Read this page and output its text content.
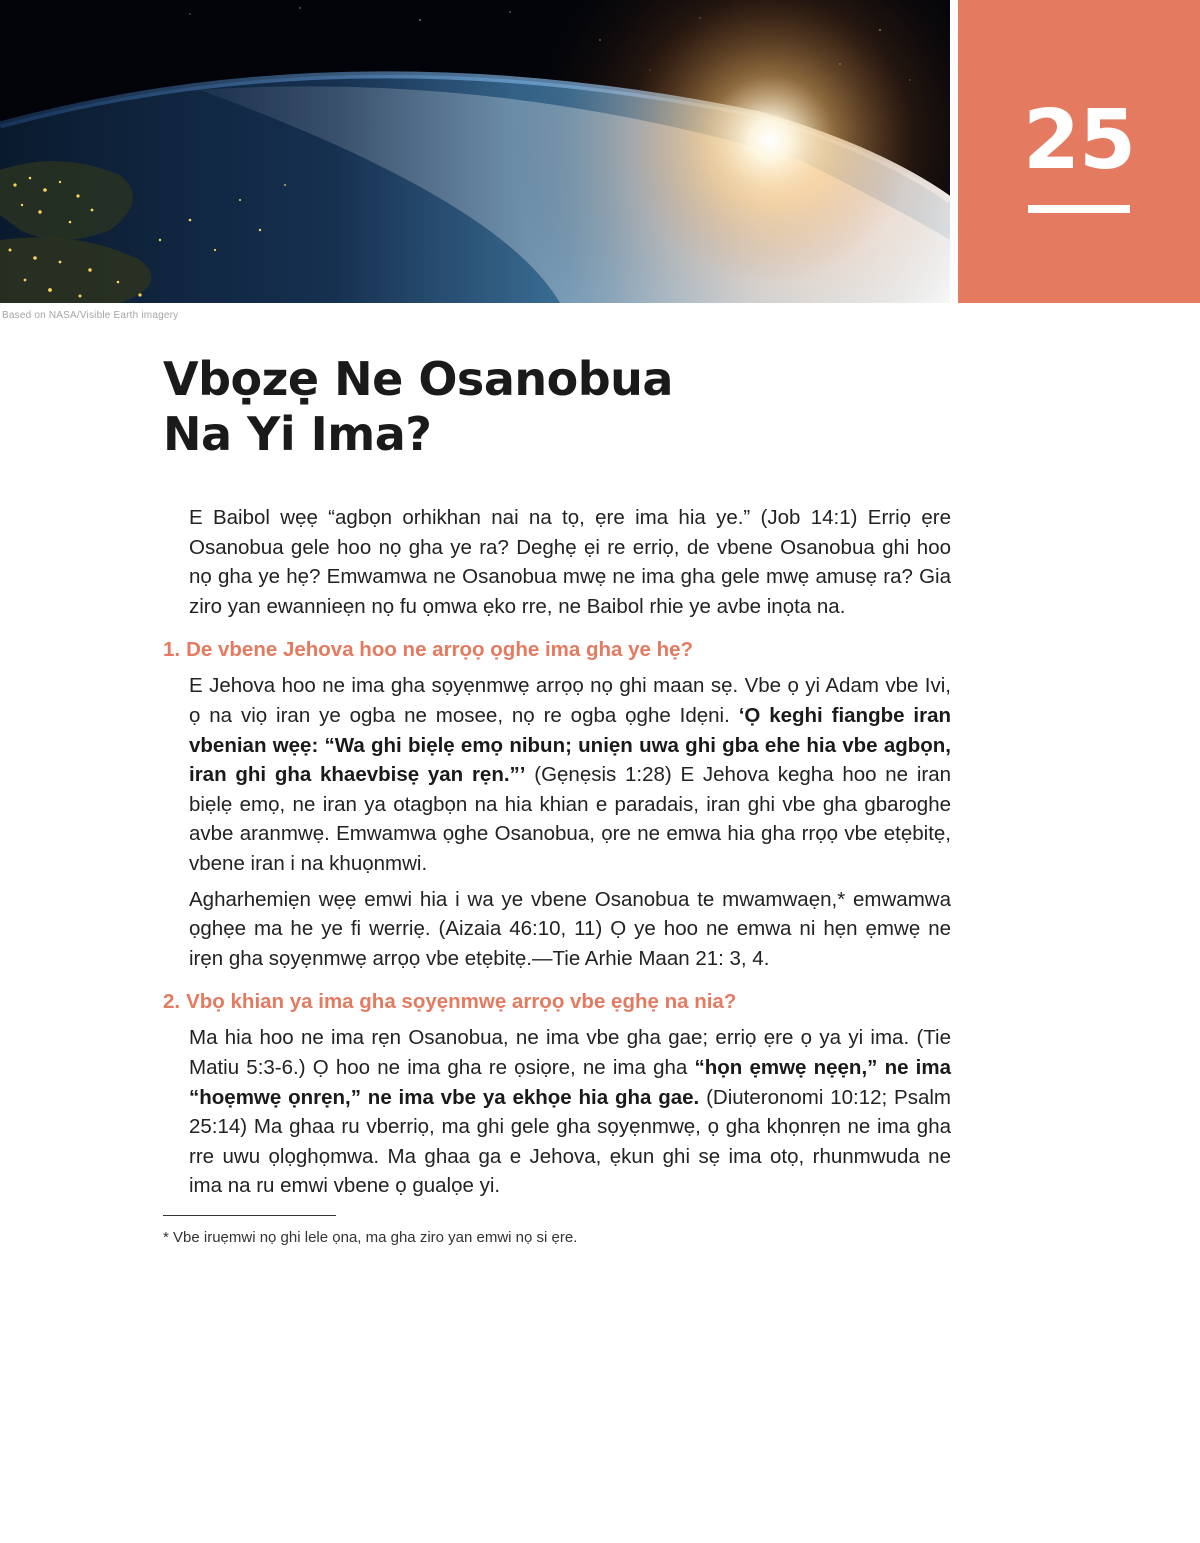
25
Based on NASA/Visible Earth imagery
Vbọzẹ Ne Osanobua
Na Yi Ima?

E Baibol wẹẹ “agbọn orhikhan nai na tọ, ẹre ima hia ye.” (Job 14:1) Erriọ ẹre Osanobua gele hoo nọ gha ye ra? Deghẹ ẹi re erriọ, de vbene Osanobua ghi hoo nọ gha ye hẹ? Emwamwa ne Osanobua mwẹ ne ima gha gele mwẹ amusẹ ra? Gia ziro yan ewannieẹn nọ fu ọmwa ẹko rre, ne Baibol rhie ye avbe inọta na.

1. De vbene Jehova hoo ne arrọọ ọghe ima gha ye hẹ?

E Jehova hoo ne ima gha sọyẹnmwẹ arrọọ nọ ghi maan sẹ. Vbe ọ yi Adam vbe Ivi, ọ na viọ iran ye ogba ne mosee, nọ re ogba ọghe Idẹni. ‘Ọ keghi fiangbe iran vbenian wẹẹ: “Wa ghi biẹlẹ emọ nibun; uniẹn uwa ghi gba ehe hia vbe agbọn, iran ghi gha khaevbisẹ yan rẹn.”’ (Gẹnẹsis 1:28) E Jehova kegha hoo ne iran biẹlẹ emọ, ne iran ya otagbọn na hia khian e paradais, iran ghi vbe gha gbaroghe avbe aranmwẹ. Emwamwa ọghe Osanobua, ọre ne emwa hia gha rrọọ vbe etẹbitẹ, vbene iran i na khuọnmwi.

Agharhemiẹn wẹẹ emwi hia i wa ye vbene Osanobua te mwamwaẹn,* emwamwa ọghẹe ma he ye fi werriẹ. (Aizaia 46:10, 11) Ọ ye hoo ne emwa ni hẹn ẹmwẹ ne irẹn gha sọyẹnmwẹ arrọọ vbe etẹbitẹ.—Tie Arhie Maan 21: 3, 4.

2. Vbọ khian ya ima gha sọyẹnmwẹ arrọọ vbe ẹghẹ na nia?

Ma hia hoo ne ima rẹn Osanobua, ne ima vbe gha gae; erriọ ẹre ọ ya yi ima. (Tie Matiu 5:3-6.) Ọ hoo ne ima gha re ọsiọre, ne ima gha “họn ẹmwẹ nẹẹn,” ne ima “hoẹmwẹ ọnrẹn,” ne ima vbe ya ekhọe hia gha gae. (Diuteronomi 10:12; Psalm 25:14) Ma ghaa ru vberriọ, ma ghi gele gha sọyẹnmwẹ, ọ gha khọnrẹn ne ima gha rre uwu ọlọghọmwa. Ma ghaa ga e Jehova, ẹkun ghi sẹ ima otọ, rhunmwuda ne ima na ru emwi vbene ọ gualọe yi.

* Vbe iruẹmwi nọ ghi lele ọna, ma gha ziro yan emwi nọ si ẹre.
